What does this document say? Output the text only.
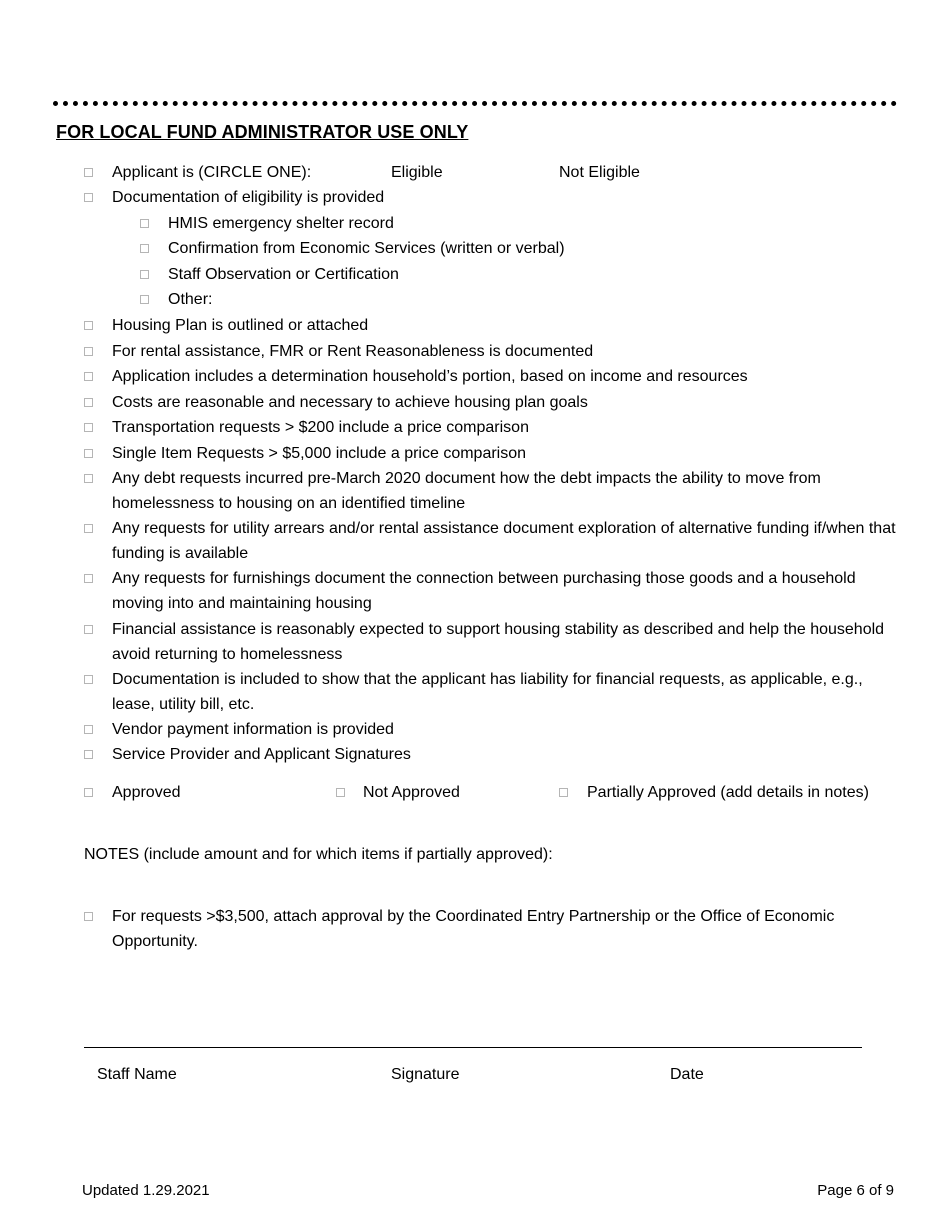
FOR LOCAL FUND ADMINISTRATOR USE ONLY
Applicant is (CIRCLE ONE):	Eligible	Not Eligible
Documentation of eligibility is provided
HMIS emergency shelter record
Confirmation from Economic Services (written or verbal)
Staff Observation or Certification
Other:
Housing Plan is outlined or attached
For rental assistance, FMR or Rent Reasonableness is documented
Application includes a determination household’s portion, based on income and resources
Costs are reasonable and necessary to achieve housing plan goals
Transportation requests > $200 include a price comparison
Single Item Requests > $5,000 include a price comparison
Any debt requests incurred pre-March 2020 document how the debt impacts the ability to move from homelessness to housing on an identified timeline
Any requests for utility arrears and/or rental assistance document exploration of alternative funding if/when that funding is available
Any requests for furnishings document the connection between purchasing those goods and a household moving into and maintaining housing
Financial assistance is reasonably expected to support housing stability as described and help the household avoid returning to homelessness
Documentation is included to show that the applicant has liability for financial requests, as applicable, e.g., lease, utility bill, etc.
Vendor payment information is provided
Service Provider and Applicant Signatures
Approved	Not Approved	Partially Approved (add details in notes)
NOTES (include amount and for which items if partially approved):
For requests >$3,500, attach approval by the Coordinated Entry Partnership or the Office of Economic Opportunity.
Staff Name	Signature	Date
Updated 1.29.2021	Page 6 of 9
